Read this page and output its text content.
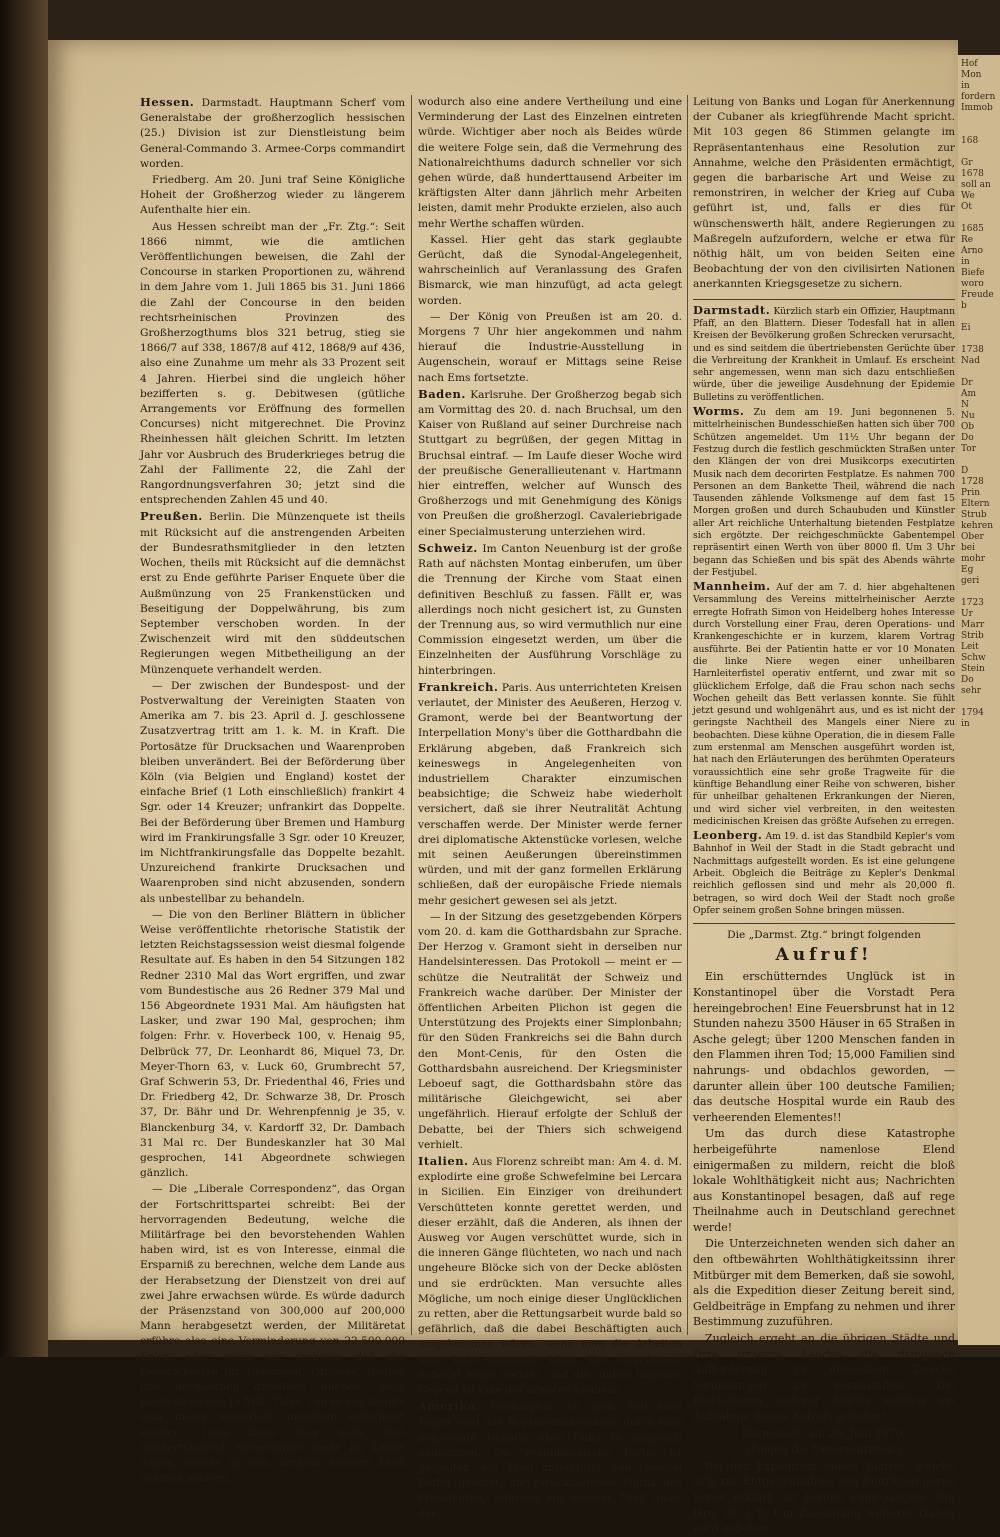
Hof
Mon
in
fordern
Immob

168

Gr
1678
soll an
We
Ot

1685
Re
Arno
in
Biefe
woro
Freude
b

Ei

1738
Nad

Dr
Am
N
Nu
Ob
Do
Tor

D
1728
Prin
Eltern
Strub
kehren
Ober
bei
mohr
Eg
geri

1723
Ur
Marr
Strib
Leit
Schw
Stein
Do
sehr

1794
in

Hessen. Darmstadt. Hauptmann Scherf vom Generalstabe der großherzoglich hessischen (25.) Division ist zur Dienstleistung beim General-Commando 3. Armee-Corps commandirt worden.

Friedberg. Am 20. Juni traf Seine Königliche Hoheit der Großherzog wieder zu längerem Aufenthalte hier ein.

Aus Hessen schreibt man der „Fr. Ztg.“: Seit 1866 nimmt, wie die amtlichen Veröffentlichungen beweisen, die Zahl der Concourse in starken Proportionen zu, während in dem Jahre vom 1. Juli 1865 bis 31. Juni 1866 die Zahl der Concourse in den beiden rechtsrheinischen Provinzen des Großherzogthums blos 321 betrug, stieg sie 1866/7 auf 338, 1867/8 auf 412, 1868/9 auf 436, also eine Zunahme um mehr als 33 Prozent seit 4 Jahren. Hierbei sind die ungleich höher bezifferten s. g. Debitwesen (gütliche Arrangements vor Eröffnung des formellen Concurses) nicht mitgerechnet. Die Provinz Rheinhessen hält gleichen Schritt. Im letzten Jahr vor Ausbruch des Bruderkrieges betrug die Zahl der Fallimente 22, die Zahl der Rangordnungsverfahren 30; jetzt sind die entsprechenden Zahlen 45 und 40.

Preußen. Berlin. Die Münzenquete ist theils mit Rücksicht auf die anstrengenden Arbeiten der Bundesrathsmitglieder in den letzten Wochen, theils mit Rücksicht auf die demnächst erst zu Ende geführte Pariser Enquete über die Außmünzung von 25 Frankenstücken und Beseitigung der Doppelwährung, bis zum September verschoben worden. In der Zwischenzeit wird mit den süddeutschen Regierungen wegen Mitbetheiligung an der Münzenquete verhandelt werden.

— Der zwischen der Bundespost- und der Postverwaltung der Vereinigten Staaten von Amerika am 7. bis 23. April d. J. geschlossene Zusatzvertrag tritt am 1. k. M. in Kraft. Die Portosätze für Drucksachen und Waarenproben bleiben unverändert. Bei der Beförderung über Köln (via Belgien und England) kostet der einfache Brief (1 Loth einschließlich) frankirt 4 Sgr. oder 14 Kreuzer; unfrankirt das Doppelte. Bei der Beförderung über Bremen und Hamburg wird im Frankirungsfalle 3 Sgr. oder 10 Kreuzer, im Nichtfrankirungsfalle das Doppelte bezahlt. Unzureichend frankirte Drucksachen und Waarenproben sind nicht abzusenden, sondern als unbestellbar zu behandeln.

— Die von den Berliner Blättern in üblicher Weise veröffentlichte rhetorische Statistik der letzten Reichstagssession weist diesmal folgende Resultate auf. Es haben in den 54 Sitzungen 182 Redner 2310 Mal das Wort ergriffen, und zwar vom Bundestische aus 26 Redner 379 Mal und 156 Abgeordnete 1931 Mal. Am häufigsten hat Lasker, und zwar 190 Mal, gesprochen; ihm folgen: Frhr. v. Hoverbeck 100, v. Henaig 95, Delbrück 77, Dr. Leonhardt 86, Miquel 73, Dr. Meyer-Thorn 63, v. Luck 60, Grumbrecht 57, Graf Schwerin 53, Dr. Friedenthal 46, Fries und Dr. Friedberg 42, Dr. Schwarze 38, Dr. Prosch 37, Dr. Bähr und Dr. Wehrenpfennig je 35, v. Blanckenburg 34, v. Kardorff 32, Dr. Dambach 31 Mal rc. Der Bundeskanzler hat 30 Mal gesprochen, 141 Abgeordnete schwiegen gänzlich.

— Die „Liberale Correspondenz“, das Organ der Fortschrittspartei schreibt: Bei der hervorragenden Bedeutung, welche die Militärfrage bei den bevorstehenden Wahlen haben wird, ist es von Interesse, einmal die Ersparniß zu berechnen, welche dem Lande aus der Herabsetzung der Dienstzeit von drei auf zwei Jahre erwachsen würde. Es würde dadurch der Präsenzstand von 300,000 auf 200,000 Mann herabgesetzt werden, der Militäretat erführe also eine Verminderung von 22,500,000 Thlrn. oder wenn wir rechnen, daß die Generalkosten für Uebungen, Offiziere, Bauten und dergleichen dieselben blieben, doch mindestens von 15 Mill. Thlrn. Um so viel könnte also unsere Steuerlast unbedingt erleichtert werden. Dazu käme aber noch, daß hunderttausend Steuerzahler mehr im Lande wären, welche an den direkten Steuern Theil nehmen müßten,

wodurch also eine andere Vertheilung und eine Verminderung der Last des Einzelnen eintreten würde. Wichtiger aber noch als Beides würde die weitere Folge sein, daß die Vermehrung des Nationalreichthums dadurch schneller vor sich gehen würde, daß hunderttausend Arbeiter im kräftigsten Alter dann jährlich mehr Arbeiten leisten, damit mehr Produkte erzielen, also auch mehr Werthe schaffen würden.

Kassel. Hier geht das stark geglaubte Gerücht, daß die Synodal-Angelegenheit, wahrscheinlich auf Veranlassung des Grafen Bismarck, wie man hinzufügt, ad acta gelegt worden.

— Der König von Preußen ist am 20. d. Morgens 7 Uhr hier angekommen und nahm hierauf die Industrie-Ausstellung in Augenschein, worauf er Mittags seine Reise nach Ems fortsetzte.

Baden. Karlsruhe. Der Großherzog begab sich am Vormittag des 20. d. nach Bruchsal, um den Kaiser von Rußland auf seiner Durchreise nach Stuttgart zu begrüßen, der gegen Mittag in Bruchsal eintraf. — Im Laufe dieser Woche wird der preußische Generallieutenant v. Hartmann hier eintreffen, welcher auf Wunsch des Großherzogs und mit Genehmigung des Königs von Preußen die großherzogl. Cavaleriebrigade einer Specialmusterung unterziehen wird.

Schweiz. Im Canton Neuenburg ist der große Rath auf nächsten Montag einberufen, um über die Trennung der Kirche vom Staat einen definitiven Beschluß zu fassen. Fällt er, was allerdings noch nicht gesichert ist, zu Gunsten der Trennung aus, so wird vermuthlich nur eine Commission eingesetzt werden, um über die Einzelnheiten der Ausführung Vorschläge zu hinterbringen.

Frankreich. Paris. Aus unterrichteten Kreisen verlautet, der Minister des Aeußeren, Herzog v. Gramont, werde bei der Beantwortung der Interpellation Mony's über die Gotthardbahn die Erklärung abgeben, daß Frankreich sich keineswegs in Angelegenheiten von industriellem Charakter einzumischen beabsichtige; die Schweiz habe wiederholt versichert, daß sie ihrer Neutralität Achtung verschaffen werde. Der Minister werde ferner drei diplomatische Aktenstücke vorlesen, welche mit seinen Aeußerungen übereinstimmen würden, und mit der ganz formellen Erklärung schließen, daß der europäische Friede niemals mehr gesichert gewesen sei als jetzt.

— In der Sitzung des gesetzgebenden Körpers vom 20. d. kam die Gotthardsbahn zur Sprache. Der Herzog v. Gramont sieht in derselben nur Handelsinteressen. Das Protokoll — meint er — schütze die Neutralität der Schweiz und Frankreich wache darüber. Der Minister der öffentlichen Arbeiten Plichon ist gegen die Unterstützung des Projekts einer Simplonbahn; für den Süden Frankreichs sei die Bahn durch den Mont-Cenis, für den Osten die Gotthardsbahn ausreichend. Der Kriegsminister Leboeuf sagt, die Gotthardsbahn störe das militärische Gleichgewicht, sei aber ungefährlich. Hierauf erfolgte der Schluß der Debatte, bei der Thiers sich schweigend verhielt.

Italien. Aus Florenz schreibt man: Am 4. d. M. explodirte eine große Schwefelmine bei Lercara in Sicilien. Ein Einziger von dreihundert Verschütteten konnte gerettet werden, und dieser erzählt, daß die Anderen, als ihnen der Ausweg vor Augen verschüttet wurde, sich in die inneren Gänge flüchteten, wo nach und nach ungeheure Blöcke sich von der Decke ablösten und sie erdrückten. Man versuchte alles Mögliche, um noch einige dieser Unglücklichen zu retten, aber die Rettungsarbeit wurde bald so gefährlich, daß die dabei Beschäftigten auch umgekommen wären, wenn man die Arbeiten nicht bald eingestellt hätte. Der eingefallene Schacht heißt Sociale, und die umher liegende Gegend ist eine der ärmsten Siciliens.

Amerika. Washington, 16. Juni. Seit zwei Tagen wird das Repräsentantenhaus durch eine aufgeregte Debatte über Cuba in Anspruch genommen. Die republikanische Partei ist gespalten; ein Theil unterstützt, von General Butler geleitet, die zurückhaltende Politik des Präsidenten, während ein anderer Theil unter der

Leitung von Banks und Logan für Anerkennung der Cubaner als kriegführende Macht spricht. Mit 103 gegen 86 Stimmen gelangte im Repräsentantenhaus eine Resolution zur Annahme, welche den Präsidenten ermächtigt, gegen die barbarische Art und Weise zu remonstriren, in welcher der Krieg auf Cuba geführt ist, und, falls er dies für wünschenswerth hält, andere Regierungen zu Maßregeln aufzufordern, welche er etwa für nöthig hält, um von beiden Seiten eine Beobachtung der von den civilisirten Nationen anerkannten Kriegsgesetze zu sichern.

Darmstadt. Kürzlich starb ein Offizier, Hauptmann Pfaff, an den Blattern. Dieser Todesfall hat in allen Kreisen der Bevölkerung großen Schrecken verursacht, und es sind seitdem die übertriebensten Gerüchte über die Verbreitung der Krankheit in Umlauf. Es erscheint sehr angemessen, wenn man sich dazu entschließen würde, über die jeweilige Ausdehnung der Epidemie Bulletins zu veröffentlichen.

Worms. Zu dem am 19. Juni begonnenen 5. mittelrheinischen Bundesschießen hatten sich über 700 Schützen angemeldet. Um 11½ Uhr begann der Festzug durch die festlich geschmückten Straßen unter den Klängen der von drei Musikcorps executirten Musik nach dem decorirten Festplatze. Es nahmen 700 Personen an dem Bankette Theil, während die nach Tausenden zählende Volksmenge auf dem fast 15 Morgen großen und durch Schaubuden und Künstler aller Art reichliche Unterhaltung bietenden Festplatze sich ergötzte. Der reichgeschmückte Gabentempel repräsentirt einen Werth von über 8000 fl. Um 3 Uhr begann das Schießen und bis spät des Abends währte der Festjubel.

Mannheim. Auf der am 7. d. hier abgehaltenen Versammlung des Vereins mittelrheinischer Aerzte erregte Hofrath Simon von Heidelberg hohes Interesse durch Vorstellung einer Frau, deren Operations- und Krankengeschichte er in kurzem, klarem Vortrag ausführte. Bei der Patientin hatte er vor 10 Monaten die linke Niere wegen einer unheilbaren Harnleiterfistel operativ entfernt, und zwar mit so glücklichem Erfolge, daß die Frau schon nach sechs Wochen geheilt das Bett verlassen konnte. Sie fühlt jetzt gesund und wohlgenährt aus, und es ist nicht der geringste Nachtheil des Mangels einer Niere zu beobachten. Diese kühne Operation, die in diesem Falle zum erstenmal am Menschen ausgeführt worden ist, hat nach den Erläuterungen des berühmten Operateurs voraussichtlich eine sehr große Tragweite für die künftige Behandlung einer Reihe von schweren, bisher für unheilbar gehaltenen Erkrankungen der Nieren, und wird sicher viel verbreiten, in den weitesten medicinischen Kreisen das größte Aufsehen zu erregen.

Leonberg. Am 19. d. ist das Standbild Kepler's vom Bahnhof in Weil der Stadt in die Stadt gebracht und Nachmittags aufgestellt worden. Es ist eine gelungene Arbeit. Obgleich die Beiträge zu Kepler's Denkmal reichlich geflossen sind und mehr als 20,000 fl. betragen, so wird doch Weil der Stadt noch große Opfer seinem großen Sohne bringen müssen.

Die „Darmst. Ztg.“ bringt folgenden
Aufruf!

Ein erschütterndes Unglück ist in Konstantinopel über die Vorstadt Pera hereingebrochen! Eine Feuersbrunst hat in 12 Stunden nahezu 3500 Häuser in 65 Straßen in Asche gelegt; über 1200 Menschen fanden in den Flammen ihren Tod; 15,000 Familien sind nahrungs- und obdachlos geworden, — darunter allein über 100 deutsche Familien; das deutsche Hospital wurde ein Raub des verheerenden Elementes!!

Um das durch diese Katastrophe herbeigeführte namenlose Elend einigermaßen zu mildern, reicht die bloß lokale Wohlthätigkeit nicht aus; Nachrichten aus Konstantinopel besagen, daß auf rege Theilnahme auch in Deutschland gerechnet werde!

Die Unterzeichneten wenden sich daher an den oftbewährten Wohlthätigkeitssinn ihrer Mitbürger mit dem Bemerken, daß sie sowohl, als die Expedition dieser Zeitung bereit sind, Geldbeiträge in Empfang zu nehmen und ihrer Bestimmung zuzuführen.

Zugleich ergeht an die übrigen Städte und Orte unseres Landes die dringende Aufforderung, zu demselben Zwecke Sammlungen zu veranstalten! Die Redactionen anderer Blätter werden um Aufnahme dieses Aufrufs gebeten!!

Darmstadt, am 20. Juni 1870.

(Folgen die Unterschriften.)

Bei der Expedition dieses Blattes, welche sich zur Entgegennahme von Beiträgen gerne bereit erklärt, ist bereits eingegangen: Von Hrn. St. 1 fl. Um Zusendung weiterer Gaben wird gebeten.
